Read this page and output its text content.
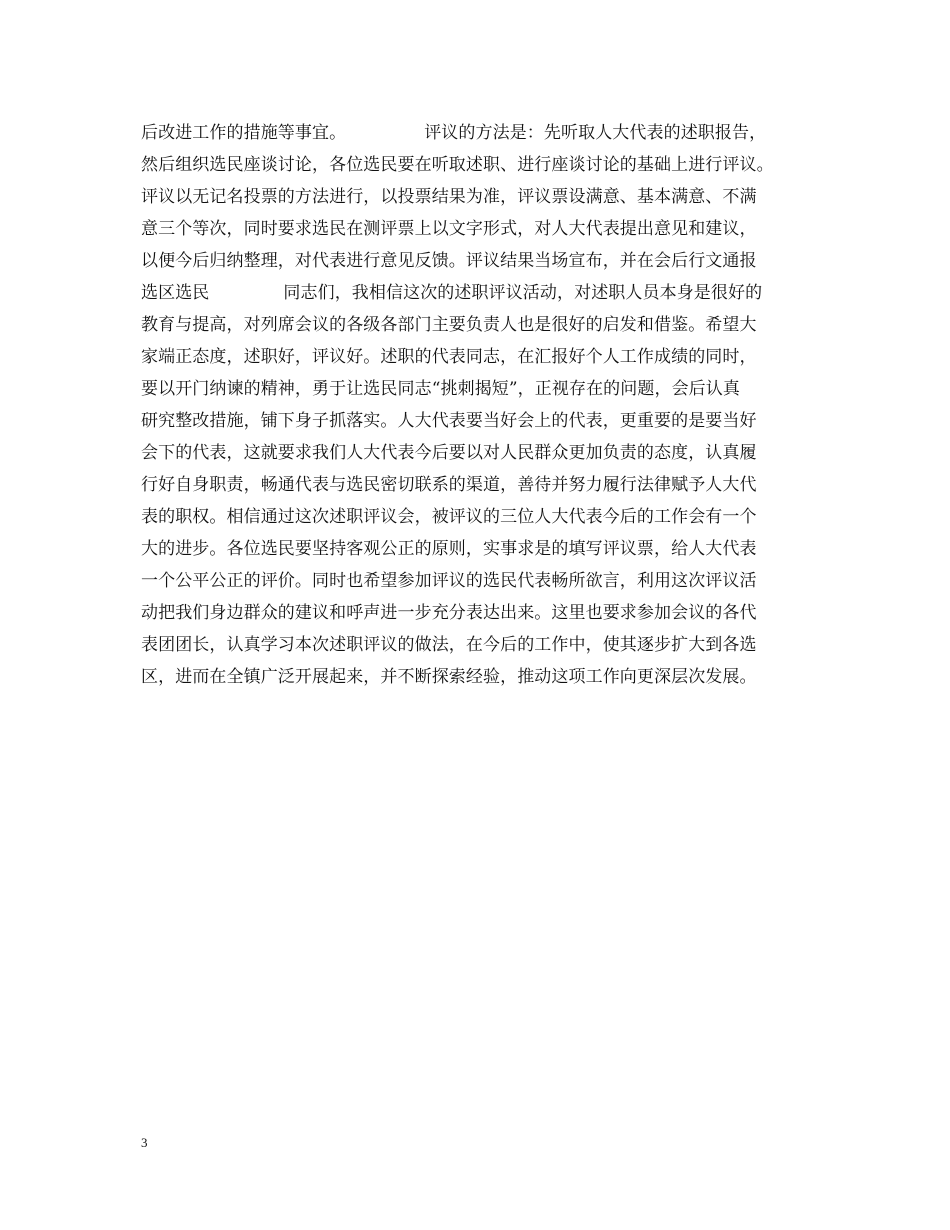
后改进工作的措施等事宜。	评议的方法是：先听取人大代表的述职报告，
然后组织选民座谈讨论，各位选民要在听取述职、进行座谈讨论的基础上进行评议。
评议以无记名投票的方法进行，以投票结果为准，评议票设满意、基本满意、不满
意三个等次，同时要求选民在测评票上以文字形式，对人大代表提出意见和建议，
以便今后归纳整理，对代表进行意见反馈。评议结果当场宣布，并在会后行文通报
选区选民	同志们，我相信这次的述职评议活动，对述职人员本身是很好的
教育与提高，对列席会议的各级各部门主要负责人也是很好的启发和借鉴。希望大
家端正态度，述职好，评议好。述职的代表同志，在汇报好个人工作成绩的同时，
要以开门纳谏的精神，勇于让选民同志“挑刺揭短”，正视存在的问题，会后认真
研究整改措施，铺下身子抓落实。人大代表要当好会上的代表，更重要的是要当好
会下的代表，这就要求我们人大代表今后要以对人民群众更加负责的态度，认真履
行好自身职责，畅通代表与选民密切联系的渠道，善待并努力履行法律赋予人大代
表的职权。相信通过这次述职评议会，被评议的三位人大代表今后的工作会有一个
大的进步。各位选民要坚持客观公正的原则，实事求是的填写评议票，给人大代表
一个公平公正的评价。同时也希望参加评议的选民代表畅所欲言，利用这次评议活
动把我们身边群众的建议和呼声进一步充分表达出来。这里也要求参加会议的各代
表团团长，认真学习本次述职评议的做法，在今后的工作中，使其逐步扩大到各选
区，进而在全镇广泛开展起来，并不断探索经验，推动这项工作向更深层次发展。
3
